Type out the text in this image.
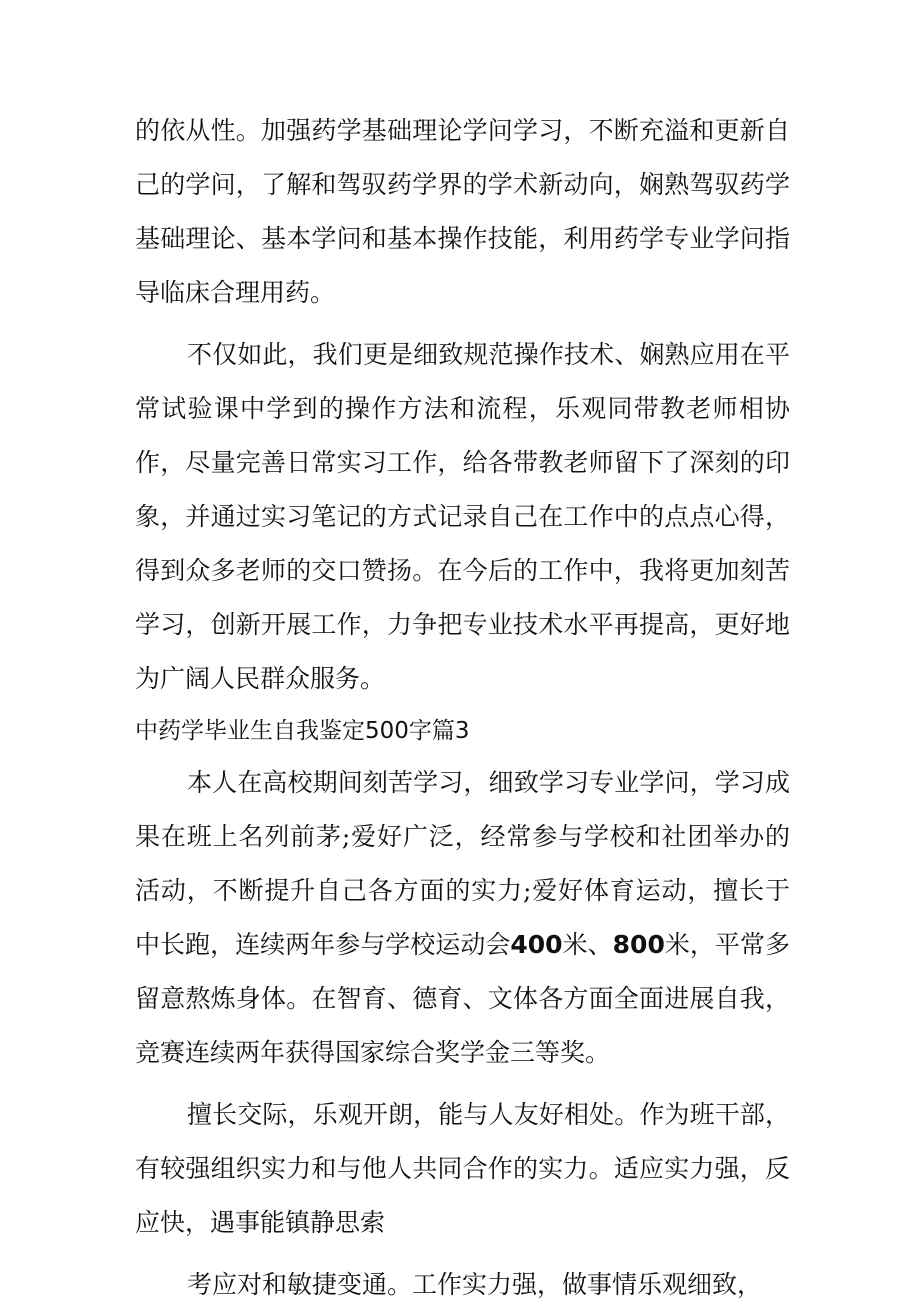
的依从性。加强药学基础理论学问学习，不断充溢和更新自己的学问，了解和驾驭药学界的学术新动向，娴熟驾驭药学基础理论、基本学问和基本操作技能，利用药学专业学问指导临床合理用药。

不仅如此，我们更是细致规范操作技术、娴熟应用在平常试验课中学到的操作方法和流程，乐观同带教老师相协作，尽量完善日常实习工作，给各带教老师留下了深刻的印象，并通过实习笔记的方式记录自己在工作中的点点心得，得到众多老师的交口赞扬。在今后的工作中，我将更加刻苦学习，创新开展工作，力争把专业技术水平再提高，更好地为广阔人民群众服务。

中药学毕业生自我鉴定500字篇3

本人在高校期间刻苦学习，细致学习专业学问，学习成果在班上名列前茅;爱好广泛，经常参与学校和社团举办的活动，不断提升自己各方面的实力;爱好体育运动，擅长于中长跑，连续两年参与学校运动会400米、800米，平常多留意熬炼身体。在智育、德育、文体各方面全面进展自我，竞赛连续两年获得国家综合奖学金三等奖。

擅长交际，乐观开朗，能与人友好相处。作为班干部，有较强组织实力和与他人共同合作的实力。适应实力强，反应快，遇事能镇静思索

考应对和敏捷变通。工作实力强，做事情乐观细致，
